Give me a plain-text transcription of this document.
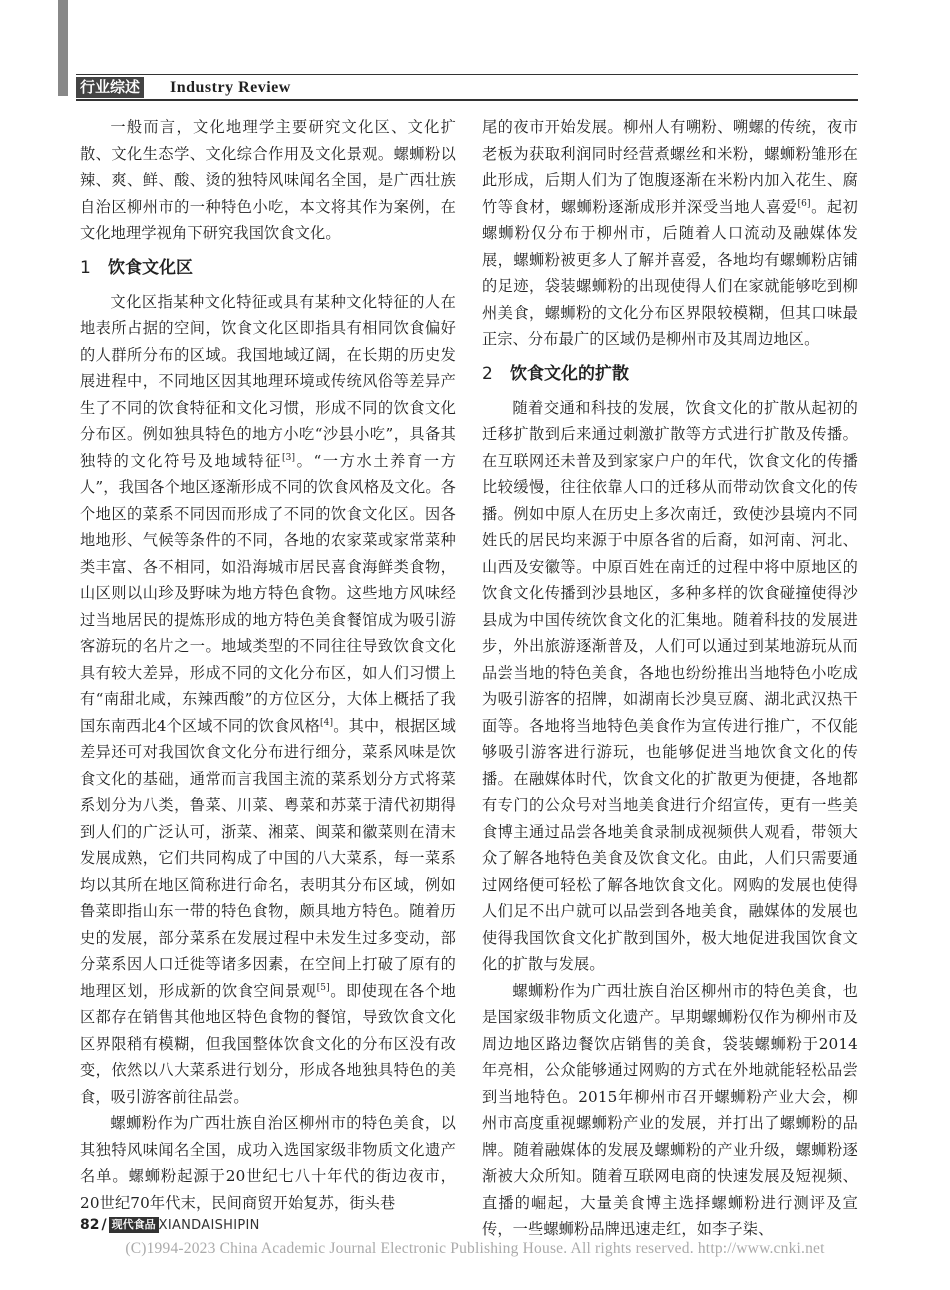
行业综述 Industry Review

一般而言，文化地理学主要研究文化区、文化扩散、文化生态学、文化综合作用及文化景观。螺蛳粉以辣、爽、鲜、酸、烫的独特风味闻名全国，是广西壮族自治区柳州市的一种特色小吃，本文将其作为案例，在文化地理学视角下研究我国饮食文化。

1 饮食文化区

文化区指某种文化特征或具有某种文化特征的人在地表所占据的空间，饮食文化区即指具有相同饮食偏好的人群所分布的区域。我国地域辽阔，在长期的历史发展进程中，不同地区因其地理环境或传统风俗等差异产生了不同的饮食特征和文化习惯，形成不同的饮食文化分布区。例如独具特色的地方小吃“沙县小吃”，具备其独特的文化符号及地域特征[3]。“一方水土养育一方人”，我国各个地区逐渐形成不同的饮食风格及文化。各个地区的菜系不同因而形成了不同的饮食文化区。因各地地形、气候等条件的不同，各地的农家菜或家常菜种类丰富、各不相同，如沿海城市居民喜食海鲜类食物，山区则以山珍及野味为地方特色食物。这些地方风味经过当地居民的提炼形成的地方特色美食餐馆成为吸引游客游玩的名片之一。地域类型的不同往往导致饮食文化具有较大差异，形成不同的文化分布区，如人们习惯上有“南甜北咸，东辣西酸”的方位区分，大体上概括了我国东南西北4个区域不同的饮食风格[4]。其中，根据区域差异还可对我国饮食文化分布进行细分，菜系风味是饮食文化的基础，通常而言我国主流的菜系划分方式将菜系划分为八类，鲁菜、川菜、粤菜和苏菜于清代初期得到人们的广泛认可，浙菜、湘菜、闽菜和徽菜则在清末发展成熟，它们共同构成了中国的八大菜系，每一菜系均以其所在地区简称进行命名，表明其分布区域，例如鲁菜即指山东一带的特色食物，颇具地方特色。随着历史的发展，部分菜系在发展过程中未发生过多变动，部分菜系因人口迁徙等诸多因素，在空间上打破了原有的地理区划，形成新的饮食空间景观[5]。即使现在各个地区都存在销售其他地区特色食物的餐馆，导致饮食文化区界限稍有模糊，但我国整体饮食文化的分布区没有改变，依然以八大菜系进行划分，形成各地独具特色的美食，吸引游客前往品尝。

螺蛳粉作为广西壮族自治区柳州市的特色美食，以其独特风味闻名全国，成功入选国家级非物质文化遗产名单。螺蛳粉起源于20世纪七八十年代的街边夜市，20世纪70年代末，民间商贸开始复苏，街头巷

尾的夜市开始发展。柳州人有嗍粉、嗍螺的传统，夜市老板为获取利润同时经营煮螺丝和米粉，螺蛳粉雏形在此形成，后期人们为了饱腹逐渐在米粉内加入花生、腐竹等食材，螺蛳粉逐渐成形并深受当地人喜爱[6]。起初螺蛳粉仅分布于柳州市，后随着人口流动及融媒体发展，螺蛳粉被更多人了解并喜爱，各地均有螺蛳粉店铺的足迹，袋装螺蛳粉的出现使得人们在家就能够吃到柳州美食，螺蛳粉的文化分布区界限较模糊，但其口味最正宗、分布最广的区域仍是柳州市及其周边地区。

2 饮食文化的扩散

随着交通和科技的发展，饮食文化的扩散从起初的迁移扩散到后来通过刺激扩散等方式进行扩散及传播。在互联网还未普及到家家户户的年代，饮食文化的传播比较缓慢，往往依靠人口的迁移从而带动饮食文化的传播。例如中原人在历史上多次南迁，致使沙县境内不同姓氏的居民均来源于中原各省的后裔，如河南、河北、山西及安徽等。中原百姓在南迁的过程中将中原地区的饮食文化传播到沙县地区，多种多样的饮食碰撞使得沙县成为中国传统饮食文化的汇集地。随着科技的发展进步，外出旅游逐渐普及，人们可以通过到某地游玩从而品尝当地的特色美食，各地也纷纷推出当地特色小吃成为吸引游客的招牌，如湖南长沙臭豆腐、湖北武汉热干面等。各地将当地特色美食作为宣传进行推广，不仅能够吸引游客进行游玩，也能够促进当地饮食文化的传播。在融媒体时代，饮食文化的扩散更为便捷，各地都有专门的公众号对当地美食进行介绍宣传，更有一些美食博主通过品尝各地美食录制成视频供人观看，带领大众了解各地特色美食及饮食文化。由此，人们只需要通过网络便可轻松了解各地饮食文化。网购的发展也使得人们足不出户就可以品尝到各地美食，融媒体的发展也使得我国饮食文化扩散到国外，极大地促进我国饮食文化的扩散与发展。

螺蛳粉作为广西壮族自治区柳州市的特色美食，也是国家级非物质文化遗产。早期螺蛳粉仅作为柳州市及周边地区路边餐饮店销售的美食，袋装螺蛳粉于2014年亮相，公众能够通过网购的方式在外地就能轻松品尝到当地特色。2015年柳州市召开螺蛳粉产业大会，柳州市高度重视螺蛳粉产业的发展，并打出了螺蛳粉的品牌。随着融媒体的发展及螺蛳粉的产业升级，螺蛳粉逐渐被大众所知。随着互联网电商的快速发展及短视频、直播的崛起，大量美食博主选择螺蛳粉进行测评及宣传，一些螺蛳粉品牌迅速走红，如李子柒、

82 / 现代食品 XIANDAISHIPIN
(C)1994-2023 China Academic Journal Electronic Publishing House. All rights reserved. http://www.cnki.net
